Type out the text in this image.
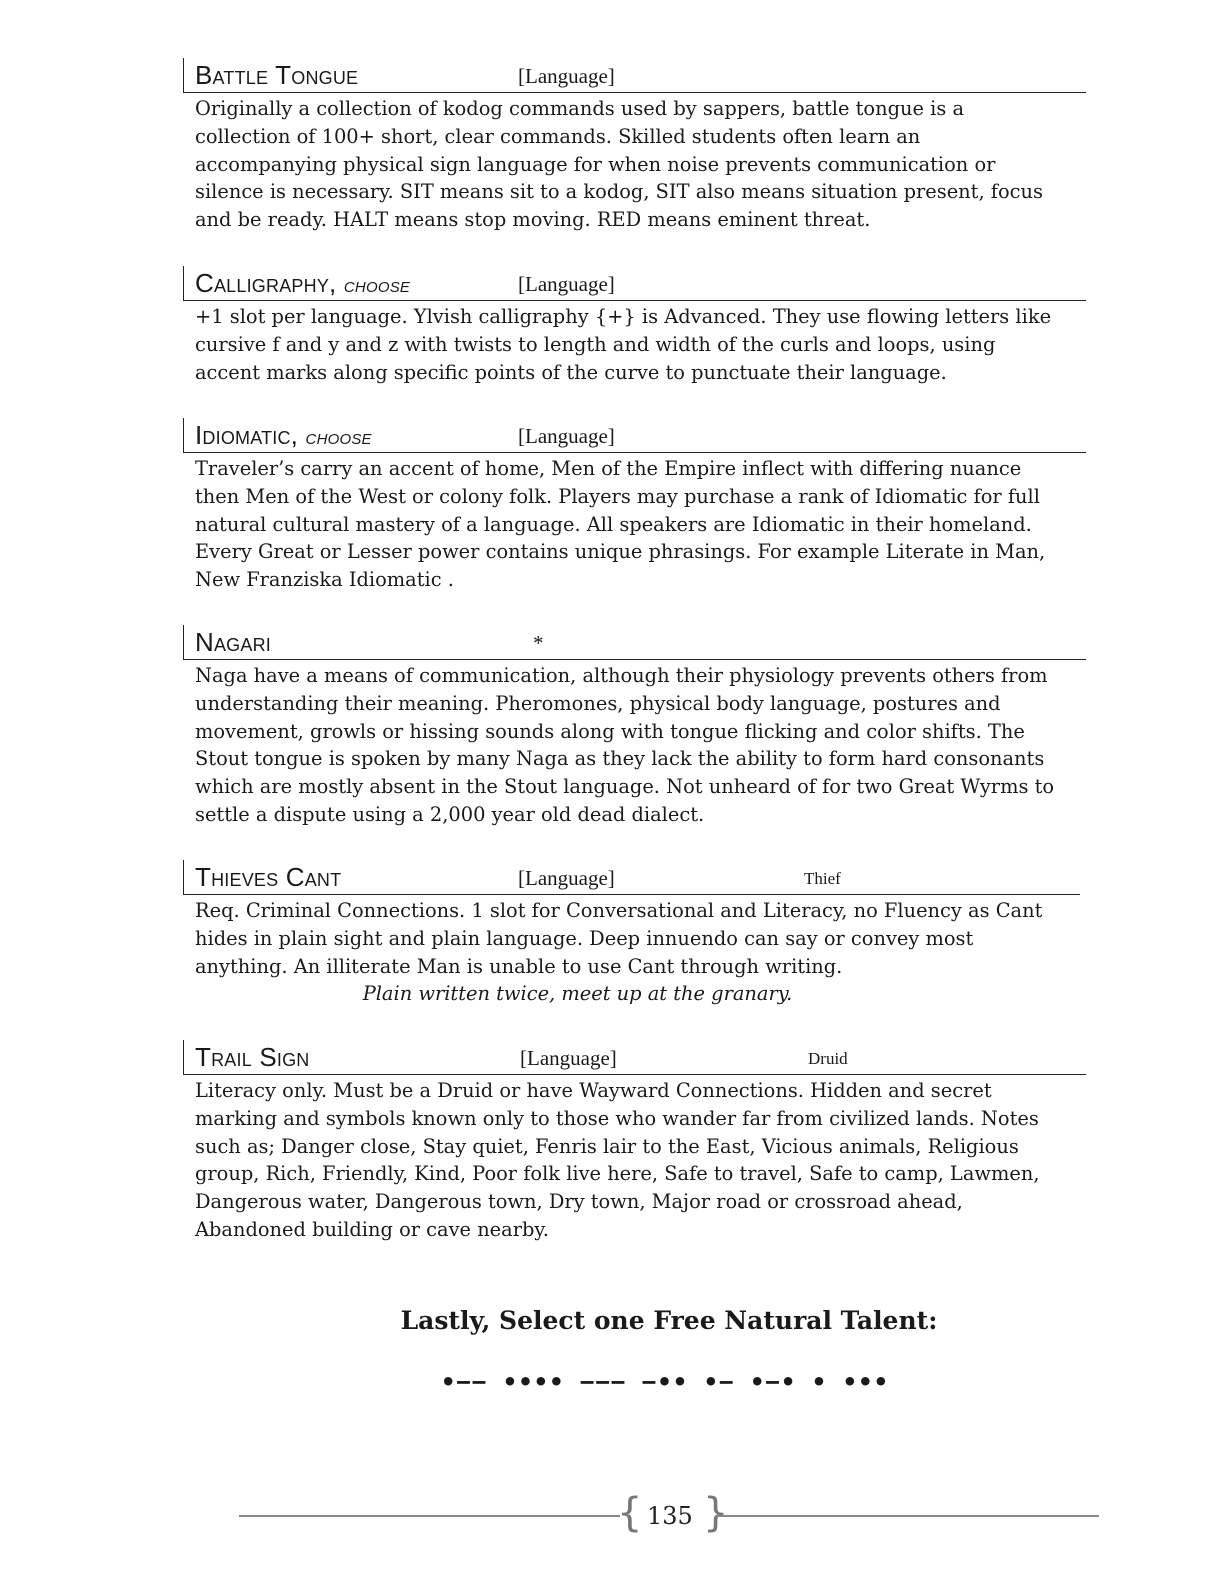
Battle Tongue	[Language]

Originally a collection of kodog commands used by sappers, battle tongue is a
collection of 100+ short, clear commands. Skilled students often learn an
accompanying physical sign language for when noise prevents communication or
silence is necessary. SIT means sit to a kodog, SIT also means situation present, focus
and be ready. HALT means stop moving. RED means eminent threat.

Calligraphy, choose	[Language]

+1 slot per language. Ylvish calligraphy {+} is Advanced. They use flowing letters like
cursive f and y and z with twists to length and width of the curls and loops, using
accent marks along specific points of the curve to punctuate their language.

Idiomatic, choose	[Language]

Traveler’s carry an accent of home, Men of the Empire inflect with differing nuance
then Men of the West or colony folk. Players may purchase a rank of Idiomatic for full
natural cultural mastery of a language. All speakers are Idiomatic in their homeland.
Every Great or Lesser power contains unique phrasings. For example Literate in Man,
New Franziska Idiomatic .

Nagari	*

Naga have a means of communication, although their physiology prevents others from
understanding their meaning. Pheromones, physical body language, postures and
movement, growls or hissing sounds along with tongue flicking and color shifts. The
Stout tongue is spoken by many Naga as they lack the ability to form hard consonants
which are mostly absent in the Stout language. Not unheard of for two Great Wyrms to
settle a dispute using a 2,000 year old dead dialect.

Thieves Cant	[Language]	Thief

Req. Criminal Connections. 1 slot for Conversational and Literacy, no Fluency as Cant
hides in plain sight and plain language. Deep innuendo can say or convey most
anything. An illiterate Man is unable to use Cant through writing.

Plain written twice, meet up at the granary.
Trail Sign	[Language]	Druid

Literacy only. Must be a Druid or have Wayward Connections. Hidden and secret
marking and symbols known only to those who wander far from civilized lands. Notes
such as; Danger close, Stay quiet, Fenris lair to the East, Vicious animals, Religious
group, Rich, Friendly, Kind, Poor folk live here, Safe to travel, Safe to camp, Lawmen,
Dangerous water, Dangerous town, Dry town, Major road or crossroad ahead,
Abandoned building or cave nearby.

Lastly, Select one Free Natural Talent:
•−− •••• −−− −•• •− •−• • •••
{ 135 }
